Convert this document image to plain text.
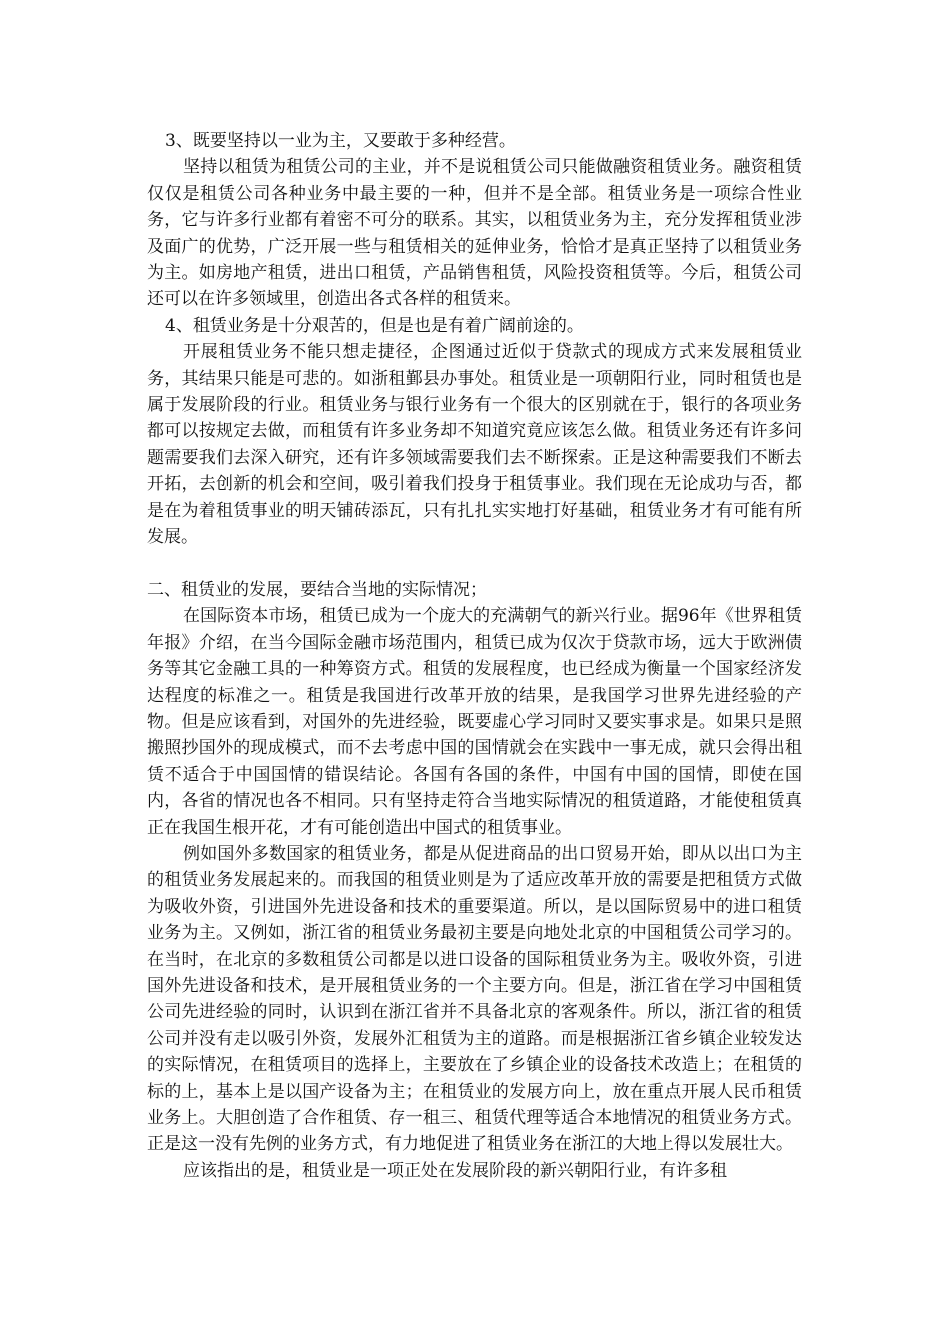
3、既要坚持以一业为主，又要敢于多种经营。

坚持以租赁为租赁公司的主业，并不是说租赁公司只能做融资租赁业务。融资租赁仅仅是租赁公司各种业务中最主要的一种，但并不是全部。租赁业务是一项综合性业务，它与许多行业都有着密不可分的联系。其实，以租赁业务为主，充分发挥租赁业涉及面广的优势，广泛开展一些与租赁相关的延伸业务，恰恰才是真正坚持了以租赁业务为主。如房地产租赁，进出口租赁，产品销售租赁，风险投资租赁等。今后，租赁公司还可以在许多领域里，创造出各式各样的租赁来。

4、租赁业务是十分艰苦的，但是也是有着广阔前途的。

开展租赁业务不能只想走捷径，企图通过近似于贷款式的现成方式来发展租赁业务，其结果只能是可悲的。如浙租鄞县办事处。租赁业是一项朝阳行业，同时租赁也是属于发展阶段的行业。租赁业务与银行业务有一个很大的区别就在于，银行的各项业务都可以按规定去做，而租赁有许多业务却不知道究竟应该怎么做。租赁业务还有许多问题需要我们去深入研究，还有许多领域需要我们去不断探索。正是这种需要我们不断去开拓，去创新的机会和空间，吸引着我们投身于租赁事业。我们现在无论成功与否，都是在为着租赁事业的明天铺砖添瓦，只有扎扎实实地打好基础，租赁业务才有可能有所发展。

二、租赁业的发展，要结合当地的实际情况；

在国际资本市场，租赁已成为一个庞大的充满朝气的新兴行业。据96年《世界租赁年报》介绍，在当今国际金融市场范围内，租赁已成为仅次于贷款市场，远大于欧洲债务等其它金融工具的一种筹资方式。租赁的发展程度，也已经成为衡量一个国家经济发达程度的标准之一。租赁是我国进行改革开放的结果，是我国学习世界先进经验的产物。但是应该看到，对国外的先进经验，既要虚心学习同时又要实事求是。如果只是照搬照抄国外的现成模式，而不去考虑中国的国情就会在实践中一事无成，就只会得出租赁不适合于中国国情的错误结论。各国有各国的条件，中国有中国的国情，即使在国内，各省的情况也各不相同。只有坚持走符合当地实际情况的租赁道路，才能使租赁真正在我国生根开花，才有可能创造出中国式的租赁事业。

例如国外多数国家的租赁业务，都是从促进商品的出口贸易开始，即从以出口为主的租赁业务发展起来的。而我国的租赁业则是为了适应改革开放的需要是把租赁方式做为吸收外资，引进国外先进设备和技术的重要渠道。所以，是以国际贸易中的进口租赁业务为主。又例如，浙江省的租赁业务最初主要是向地处北京的中国租赁公司学习的。在当时，在北京的多数租赁公司都是以进口设备的国际租赁业务为主。吸收外资，引进国外先进设备和技术，是开展租赁业务的一个主要方向。但是，浙江省在学习中国租赁公司先进经验的同时，认识到在浙江省并不具备北京的客观条件。所以，浙江省的租赁公司并没有走以吸引外资，发展外汇租赁为主的道路。而是根据浙江省乡镇企业较发达的实际情况，在租赁项目的选择上，主要放在了乡镇企业的设备技术改造上；在租赁的标的上，基本上是以国产设备为主；在租赁业的发展方向上，放在重点开展人民币租赁业务上。大胆创造了合作租赁、存一租三、租赁代理等适合本地情况的租赁业务方式。正是这一没有先例的业务方式，有力地促进了租赁业务在浙江的大地上得以发展壮大。

应该指出的是，租赁业是一项正处在发展阶段的新兴朝阳行业，有许多租
